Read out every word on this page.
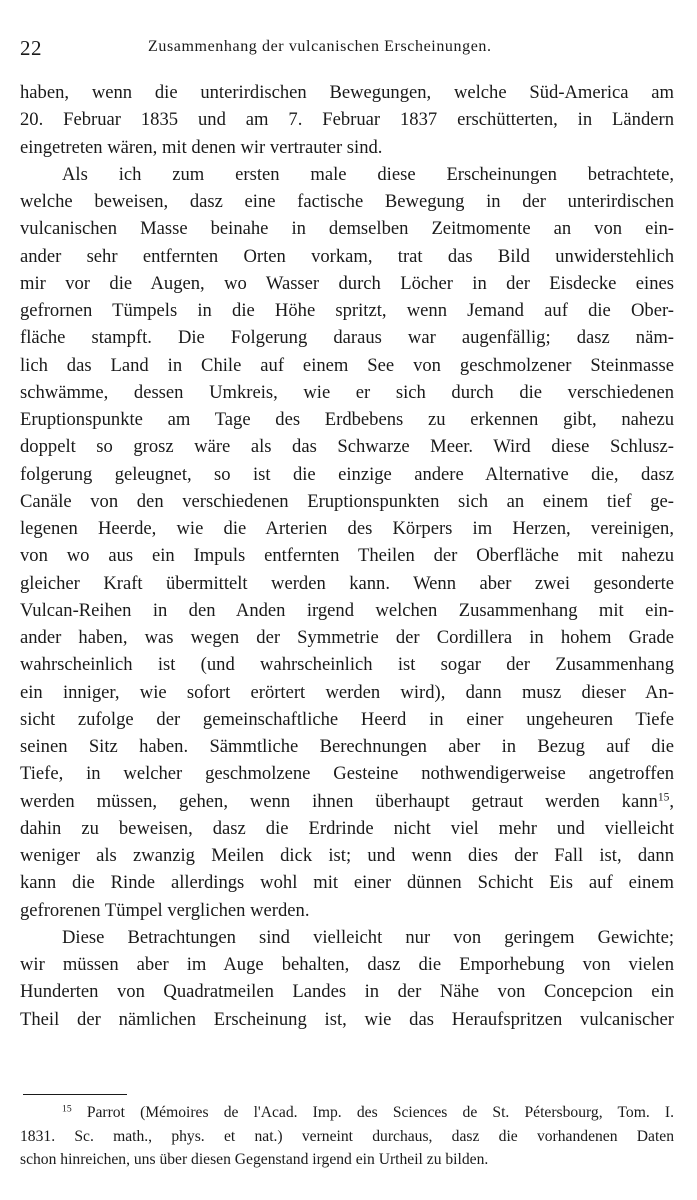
22	Zusammenhang der vulcanischen Erscheinungen.
haben, wenn die unterirdischen Bewegungen, welche Süd-America am
20. Februar 1835 und am 7. Februar 1837 erschütterten, in Ländern
eingetreten wären, mit denen wir vertrauter sind.
Als ich zum ersten male diese Erscheinungen betrachtete,
welche beweisen, dasz eine factische Bewegung in der unterirdischen
vulcanischen Masse beinahe in demselben Zeitmomente an von ein-
ander sehr entfernten Orten vorkam, trat das Bild unwiderstehlich
mir vor die Augen, wo Wasser durch Löcher in der Eisdecke eines
gefrornen Tümpels in die Höhe spritzt, wenn Jemand auf die Ober-
fläche stampft. Die Folgerung daraus war augenfällig; dasz näm-
lich das Land in Chile auf einem See von geschmolzener Steinmasse
schwämme, dessen Umkreis, wie er sich durch die verschiedenen
Eruptionspunkte am Tage des Erdbebens zu erkennen gibt, nahezu
doppelt so grosz wäre als das Schwarze Meer. Wird diese Schlusz-
folgerung geleugnet, so ist die einzige andere Alternative die, dasz
Canäle von den verschiedenen Eruptionspunkten sich an einem tief ge-
legenen Heerde, wie die Arterien des Körpers im Herzen, vereinigen,
von wo aus ein Impuls entfernten Theilen der Oberfläche mit nahezu
gleicher Kraft übermittelt werden kann. Wenn aber zwei gesonderte
Vulcan-Reihen in den Anden irgend welchen Zusammenhang mit ein-
ander haben, was wegen der Symmetrie der Cordillera in hohem Grade
wahrscheinlich ist (und wahrscheinlich ist sogar der Zusammenhang
ein inniger, wie sofort erörtert werden wird), dann musz dieser An-
sicht zufolge der gemeinschaftliche Heerd in einer ungeheuren Tiefe
seinen Sitz haben. Sämmtliche Berechnungen aber in Bezug auf die
Tiefe, in welcher geschmolzene Gesteine nothwendigerweise angetroffen
werden müssen, gehen, wenn ihnen überhaupt getraut werden kann$^{15}$,
dahin zu beweisen, dasz die Erdrinde nicht viel mehr und vielleicht
weniger als zwanzig Meilen dick ist; und wenn dies der Fall ist, dann
kann die Rinde allerdings wohl mit einer dünnen Schicht Eis auf einem
gefrorenen Tümpel verglichen werden.
Diese Betrachtungen sind vielleicht nur von geringem Gewichte;
wir müssen aber im Auge behalten, dasz die Emporhebung von vielen
Hunderten von Quadratmeilen Landes in der Nähe von Concepcion ein
Theil der nämlichen Erscheinung ist, wie das Heraufspritzen vulcanischer
$^{15}$ Parrot (Mémoires de l'Acad. Imp. des Sciences de St. Pétersbourg, Tom. I.
1831. Sc. math., phys. et nat.) verneint durchaus, dasz die vorhandenen Daten
schon hinreichen, uns über diesen Gegenstand irgend ein Urtheil zu bilden.
